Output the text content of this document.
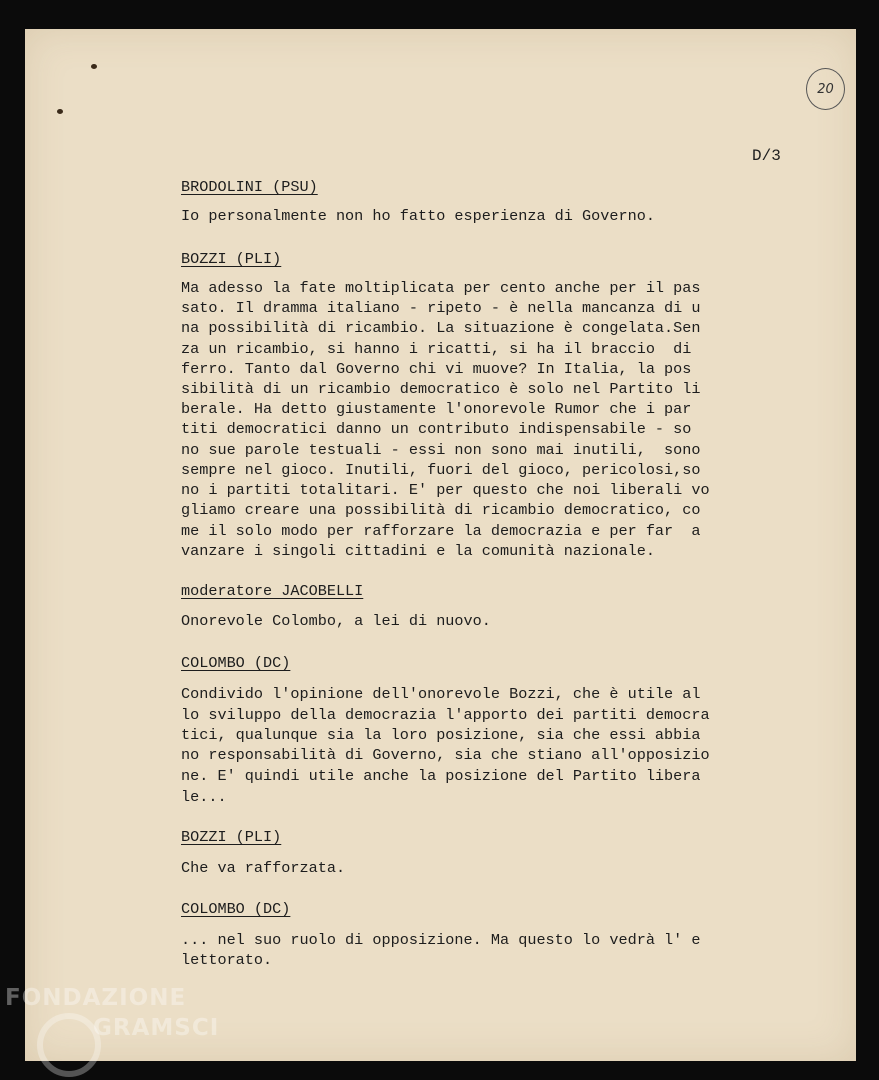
20
D/3
BRODOLINI (PSU)
Io personalmente non ho fatto esperienza di Governo.
BOZZI (PLI)
Ma adesso la fate moltiplicata per cento anche per il pas
sato. Il dramma italiano - ripeto - è nella mancanza di u
na possibilità di ricambio. La situazione è congelata.Sen
za un ricambio, si hanno i ricatti, si ha il braccio  di
ferro. Tanto dal Governo chi vi muove? In Italia, la pos
sibilità di un ricambio democratico è solo nel Partito li
berale. Ha detto giustamente l'onorevole Rumor che i par
titi democratici danno un contributo indispensabile - so
no sue parole testuali - essi non sono mai inutili,  sono
sempre nel gioco. Inutili, fuori del gioco, pericolosi,so
no i partiti totalitari. E' per questo che noi liberali vo
gliamo creare una possibilità di ricambio democratico, co
me il solo modo per rafforzare la democrazia e per far  a
vanzare i singoli cittadini e la comunità nazionale.
moderatore JACOBELLI
Onorevole Colombo, a lei di nuovo.
COLOMBO (DC)
Condivido l'opinione dell'onorevole Bozzi, che è utile al
lo sviluppo della democrazia l'apporto dei partiti democra
tici, qualunque sia la loro posizione, sia che essi abbia
no responsabilità di Governo, sia che stiano all'opposizio
ne. E' quindi utile anche la posizione del Partito libera
le...
BOZZI (PLI)
Che va rafforzata.
COLOMBO (DC)
... nel suo ruolo di opposizione. Ma questo lo vedrà l' e
lettorato.
FONDAZIONE
GRAMSCI
